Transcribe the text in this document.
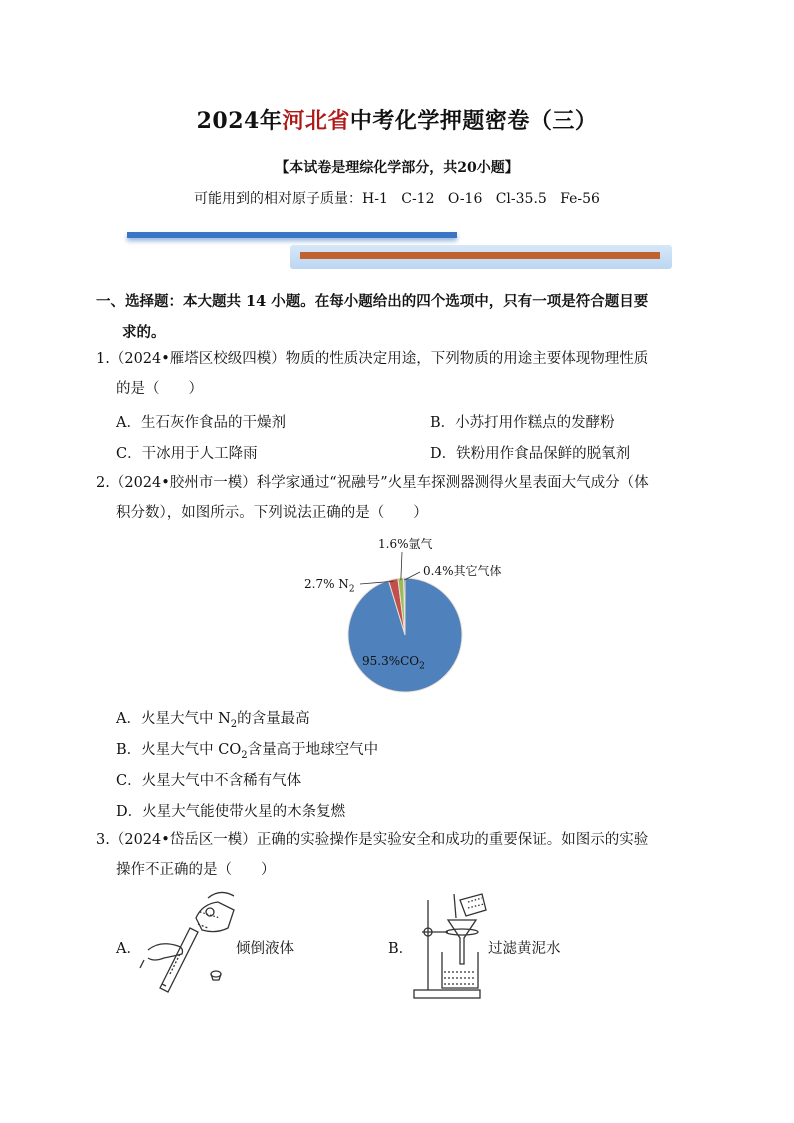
2024年河北省中考化学押题密卷（三）
【本试卷是理综化学部分，共20小题】
可能用到的相对原子质量：H-1   C-12   O-16   Cl-35.5   Fe-56
一、选择题：本大题共 14 小题。在每小题给出的四个选项中，只有一项是符合题目要
求的。
1.（2024•雁塔区校级四模）物质的性质决定用途，下列物质的用途主要体现物理性质
的是（　　）
A．生石灰作食品的干燥剂	B．小苏打用作糕点的发酵粉
C．干冰用于人工降雨	D．铁粉用作食品保鲜的脱氧剂
2.（2024•胶州市一模）科学家通过“祝融号”火星车探测器测得火星表面大气成分（体
积分数），如图所示。下列说法正确的是（　　）
1.6%氩气
0.4%其它气体
2.7% $N_2$
$95.3\%CO_2$
A．火星大气中 $N_2$的含量最高
B．火星大气中 $CO_2$含量高于地球空气中
C．火星大气中不含稀有气体
D．火星大气能使带火星的木条复燃
3.（2024•岱岳区一模）正确的实验操作是实验安全和成功的重要保证。如图示的实验
操作不正确的是（　　）
A．	倾倒液体	B．	过滤黄泥水
